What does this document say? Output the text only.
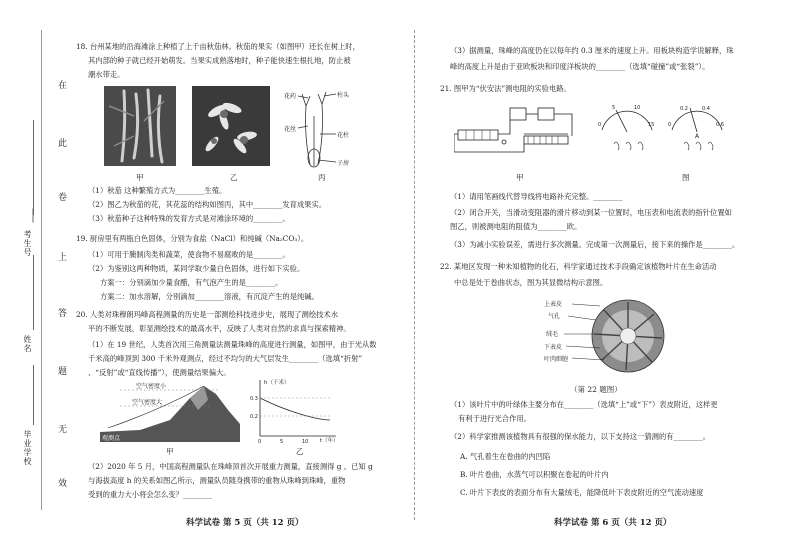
考生号
姓名
毕业学校
在
此
卷
上
答
题
无
效
18. 台州某地的沿海滩涂上种植了上千亩秋茄林。秋茄的果实（如图甲）还长在树上时，
其内部的种子就已经开始萌发。当果实成熟落地时，种子能快速生根扎地，防止被
潮水带走。
花药	柱头
花丝
花柱
子房
甲	乙	丙
（1）秋茄 这种繁殖方式为________生殖。
（2）图乙为秋茄的花，其花蕊的结构如图丙，其中________发育成果实。
（3）秋茄种子这种特殊的发育方式是对滩涂环境的________。
19. 厨房里有两瓶白色固体，分别为食盐（NaCl）和纯碱（Na₂CO₃）。
（1）可用于腌制肉类和蔬菜，使食物不易腐败的是________。
（2）为鉴别这两种物质，某同学取少量白色固体，进行如下实验。
方案一：分别滴加少量食醋，有气泡产生的是________。
方案二：加水溶解，分别滴加________溶液，有沉淀产生的是纯碱。
20. 人类对珠穆朗玛峰高程测量的历史是一部测绘科技进步史，展现了测绘技术水
平的不断发展，彰显测绘技术的最高水平，反映了人类对自然的求真与探索精神。
（1）在 19 世纪，人类首次用三角测量法测量珠峰的高度进行测量，如图甲，由于光从数
千米高的峰顶到 300 千米外观测点，经过不均匀的大气层发生________（选填“折射”
、“反射”或“直线传播”），使测量结果偏大。
空气密度小
空气密度大
观测点
h（千米）
t（年）
0.3
0.2
0	5	10
甲	乙
（2）2020 年 5 月，中国高程测量队在珠峰顶首次开展重力测量，直接测得 g 。已知 g
与海拔高度 h 的关系如图乙所示，测量队员随身携带的重物从珠峰到珠峰，重物
受到的重力大小将会怎么变？________
科学试卷 第 5 页（共 12 页）
（3）据测量，珠峰的高度仍在以每年约 0.3 厘米的速度上升。用板块构造学说解释，珠
峰的高度上升是由于亚欧板块和印度洋板块的________（选填“碰撞”或“张裂”）。
21. 图甲为“伏安法”测电阻的实验电路。
0
5	10
15	0
0.2	0.4
0.6
A
甲	图
（1）请用笔画线代替导线将电路补充完整。________
（2）闭合开关，当滑动变阻器的滑片移动到某一位置时，电压表和电流表的指针位置如
图乙，则被测电阻的阻值为________欧。
（3）为减小实验误差，需进行多次测量。完成第一次测量后，接下来的操作是________。
22. 某地区发现一种未知植物的化石，科学家通过技术手段确定该植物叶片在生命活动
中总是处于卷曲状态，图为其显微结构示意图。
上表皮
气孔
绒毛
下表皮
叶肉细胞
（第 22 题图）
（1）该叶片中的叶绿体主要分布在________（选填“上”或“下”）表皮附近，这样更
有利于进行光合作用。
（2）科学家推测该植物具有很强的保水能力，以下支持这一猜测的有________。
A. 气孔着生在卷曲的内凹陷
B. 叶片卷曲，水蒸气可以积聚在卷起的叶片内
C. 叶片下表皮的表面分布有大量绒毛，能降低叶下表皮附近的空气流动速度
科学试卷 第 6 页（共 12 页）
